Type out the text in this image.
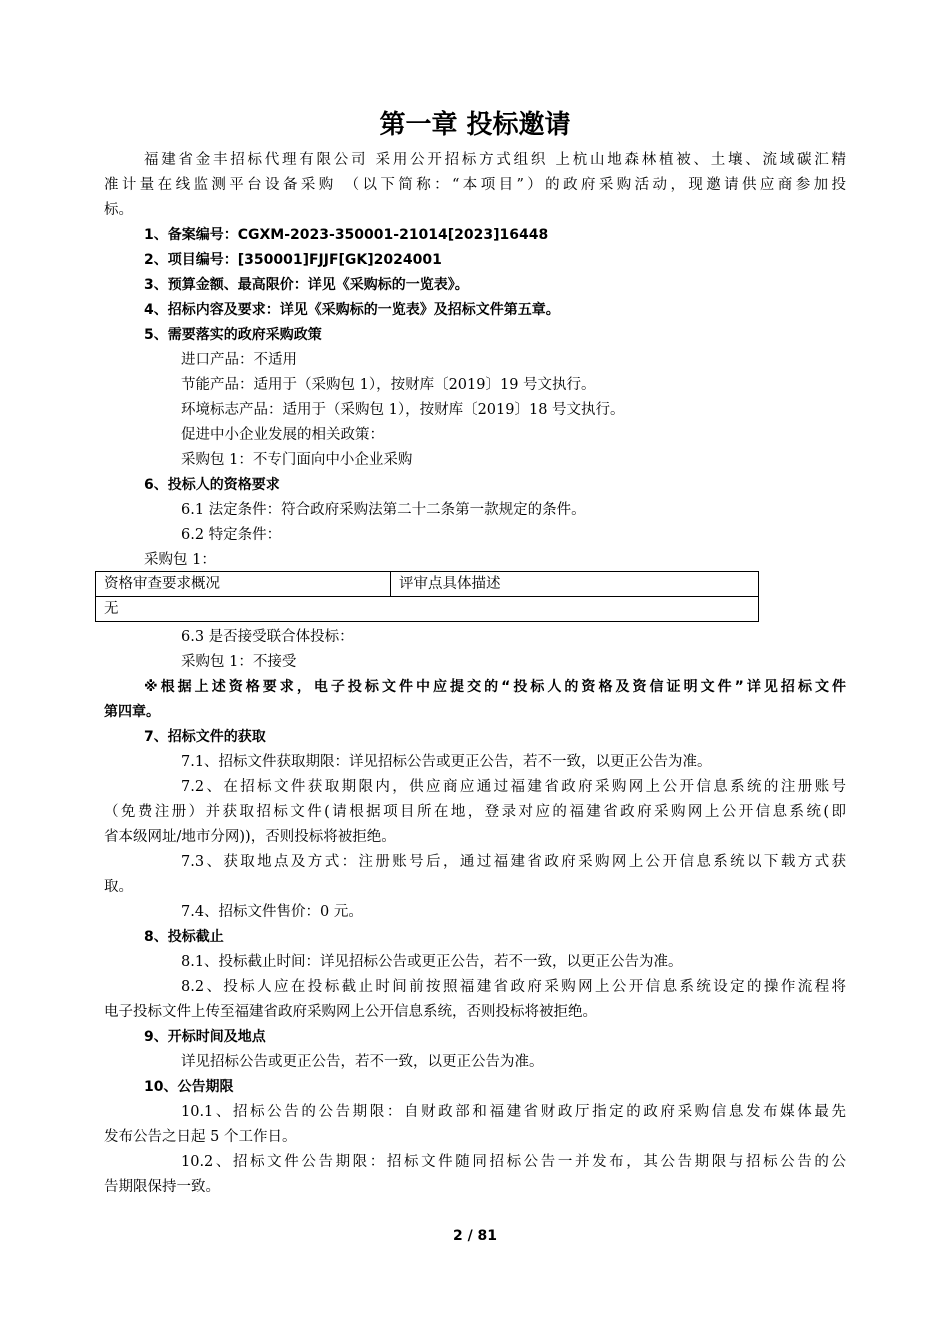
第一章 投标邀请
福建省金丰招标代理有限公司 采用公开招标方式组织 上杭山地森林植被、土壤、流域碳汇精
准计量在线监测平台设备采购 （以下简称：“本项目”）的政府采购活动，现邀请供应商参加投
标。
1、备案编号：CGXM-2023-350001-21014[2023]16448
2、项目编号：[350001]FJJF[GK]2024001
3、预算金额、最高限价：详见《采购标的一览表》。
4、招标内容及要求：详见《采购标的一览表》及招标文件第五章。
5、需要落实的政府采购政策
进口产品：不适用
节能产品：适用于（采购包 1），按财库〔2019〕19 号文执行。
环境标志产品：适用于（采购包 1），按财库〔2019〕18 号文执行。
促进中小企业发展的相关政策：
采购包 1：不专门面向中小企业采购
6、投标人的资格要求
6.1 法定条件：符合政府采购法第二十二条第一款规定的条件。
6.2 特定条件：
采购包 1：
资格审查要求概况	评审点具体描述
无
6.3 是否接受联合体投标：
采购包 1：不接受
※根据上述资格要求，电子投标文件中应提交的“投标人的资格及资信证明文件”详见招标文件
第四章。
7、招标文件的获取
7.1、招标文件获取期限：详见招标公告或更正公告，若不一致，以更正公告为准。
7.2、在招标文件获取期限内，供应商应通过福建省政府采购网上公开信息系统的注册账号
（免费注册）并获取招标文件(请根据项目所在地，登录对应的福建省政府采购网上公开信息系统(即
省本级网址/地市分网))，否则投标将被拒绝。
7.3、获取地点及方式：注册账号后，通过福建省政府采购网上公开信息系统以下载方式获
取。
7.4、招标文件售价：0 元。
8、投标截止
8.1、投标截止时间：详见招标公告或更正公告，若不一致，以更正公告为准。
8.2、投标人应在投标截止时间前按照福建省政府采购网上公开信息系统设定的操作流程将
电子投标文件上传至福建省政府采购网上公开信息系统，否则投标将被拒绝。
9、开标时间及地点
详见招标公告或更正公告，若不一致，以更正公告为准。
10、公告期限
10.1、招标公告的公告期限：自财政部和福建省财政厅指定的政府采购信息发布媒体最先
发布公告之日起 5 个工作日。
10.2、招标文件公告期限：招标文件随同招标公告一并发布，其公告期限与招标公告的公
告期限保持一致。
2 / 81
